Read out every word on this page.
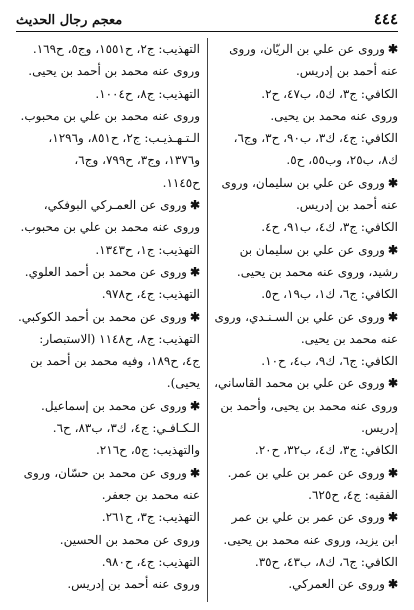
٤٤٤
معجم رجال الحديث
✱وروى عن علي بن الريّان، وروى
عنه أحمد بن إدريس.
الكافي: ج٣، ك٥، ب٤٧، ح٢.
وروى عنه محمد بن يحيى.
الكافي: ج٤، ك٣، ب٩٠، ح٣، وج٦،
ك٨، ب٢٥، وب٥٥، ح٥.
✱وروى عن علي بن سليمان، وروى
عنه أحمد بن إدريس.
الكافي: ج٣، ك٤، ب٩١، ح٤.
✱وروى عن علي بن سليمان بن
رشيد، وروى عنه محمد بن يحيى.
الكافي: ج٦، ك١، ب١٩، ح٥.
✱وروى عن علي بن السـنـدي، وروى
عنه محمد بن يحيى.
الكافي: ج٦، ك٩، ب٤، ح١٠.
✱وروى عن علي بن محمد القاساني،
وروى عنه محمد بن يحيى، وأحمد بن
إدريس.
الكافي: ج٣، ك٤، ب٣٢، ح٢٠.
✱وروى عن عمر بن علي بن عمر.
الفقيه: ج٤، ح٦٢٥.
✱وروى عن عمر بن علي بن عمر
ابن يزيد، وروى عنه محمد بن يحيى.
الكافي: ج٦، ك٨، ب٤٣، ح٣٥.
✱وروى عن العمركي.
التهذيب: ج٢، ح١٥٥١، وج٥، ح١٦٩.
وروى عنه محمد بن أحمد بن يحيى.
التهذيب: ج٨، ح١٠٠٤.
وروى عنه محمد بن علي بن محبوب.
الـتـهـذيـب: ج٢، ح٨٥١، و١٢٩٦،
و١٣٧٦، وج٣، ح٧٩٩، وج٦،
ح١١٤٥.
✱وروى عن العمـركي البوفكي،
وروى عنه محمد بن علي بن محبوب.
التهذيب: ج١، ح١٣٤٣.
✱وروى عن محمد بن أحمد العلوي.
التهذيب: ج٤، ح٩٧٨.
✱وروى عن محمد بن أحمد الكوكبي.
التهذيب: ج٨، ح١١٤٨ (الاستبصار:
ج٤، ح١٨٩، وفيه محمد بن أحمد بن
يحيى).
✱وروى عن محمد بن إسماعيل.
الـكـافـي: ج٤، ك٣، ب٨٣، ح٦.
والتهذيب: ج٥، ح٢١٦.
✱وروى عن محمد بن حسّان، وروى
عنه محمد بن جعفر.
التهذيب: ج٣، ح٢٦١.
وروى عن محمد بن الحسين.
التهذيب: ج٤، ح٩٨٠.
وروى عنه أحمد بن إدريس.
